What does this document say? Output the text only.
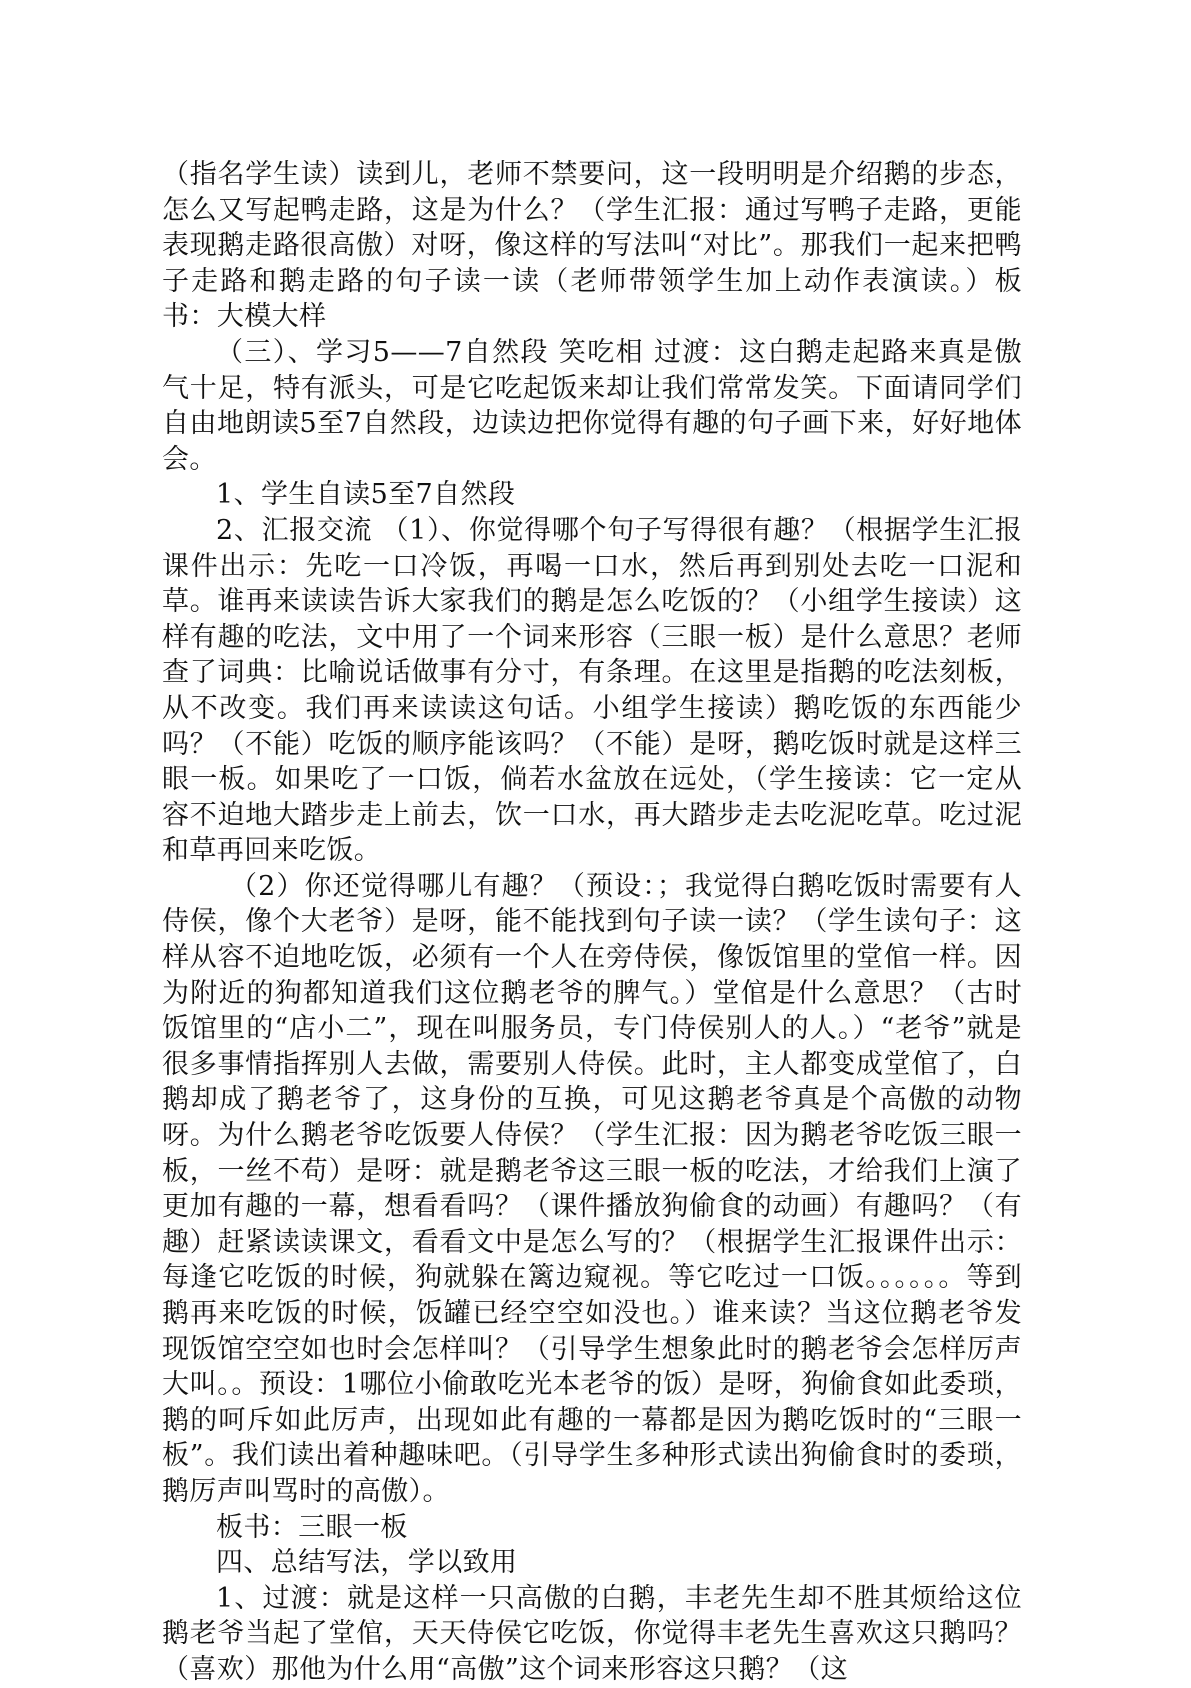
（指名学生读）读到儿，老师不禁要问，这一段明明是介绍鹅的步态，怎么又写起鸭走路，这是为什么？（学生汇报：通过写鸭子走路，更能表现鹅走路很高傲）对呀，像这样的写法叫“对比”。那我们一起来把鸭子走路和鹅走路的句子读一读（老师带领学生加上动作表演读。）板书：大模大样

（三）、学习5——7自然段 笑吃相 过渡：这白鹅走起路来真是傲气十足，特有派头，可是它吃起饭来却让我们常常发笑。下面请同学们自由地朗读5至7自然段，边读边把你觉得有趣的句子画下来，好好地体会。

1、学生自读5至7自然段

2、汇报交流 （1）、你觉得哪个句子写得很有趣？（根据学生汇报课件出示：先吃一口冷饭，再喝一口水，然后再到别处去吃一口泥和草。谁再来读读告诉大家我们的鹅是怎么吃饭的？（小组学生接读）这样有趣的吃法，文中用了一个词来形容（三眼一板）是什么意思？老师查了词典：比喻说话做事有分寸，有条理。在这里是指鹅的吃法刻板，从不改变。我们再来读读这句话。小组学生接读）鹅吃饭的东西能少吗？（不能）吃饭的顺序能该吗？（不能）是呀，鹅吃饭时就是这样三眼一板。如果吃了一口饭，倘若水盆放在远处，（学生接读：它一定从容不迫地大踏步走上前去，饮一口水，再大踏步走去吃泥吃草。吃过泥和草再回来吃饭。

（2）你还觉得哪儿有趣？（预设：；我觉得白鹅吃饭时需要有人侍侯，像个大老爷）是呀，能不能找到句子读一读？（学生读句子：这样从容不迫地吃饭，必须有一个人在旁侍侯，像饭馆里的堂倌一样。因为附近的狗都知道我们这位鹅老爷的脾气。）堂倌是什么意思？（古时饭馆里的“店小二”，现在叫服务员，专门侍侯别人的人。）“老爷”就是很多事情指挥别人去做，需要别人侍侯。此时，主人都变成堂倌了，白鹅却成了鹅老爷了，这身份的互换，可见这鹅老爷真是个高傲的动物呀。为什么鹅老爷吃饭要人侍侯？（学生汇报：因为鹅老爷吃饭三眼一板，一丝不苟）是呀：就是鹅老爷这三眼一板的吃法，才给我们上演了更加有趣的一幕，想看看吗？（课件播放狗偷食的动画）有趣吗？（有趣）赶紧读读课文，看看文中是怎么写的？（根据学生汇报课件出示：每逢它吃饭的时候，狗就躲在篱边窥视。等它吃过一口饭。。。。。。等到鹅再来吃饭的时候，饭罐已经空空如没也。）谁来读？当这位鹅老爷发现饭馆空空如也时会怎样叫？（引导学生想象此时的鹅老爷会怎样厉声大叫。。预设：1哪位小偷敢吃光本老爷的饭）是呀，狗偷食如此委琐，鹅的呵斥如此厉声，出现如此有趣的一幕都是因为鹅吃饭时的“三眼一板”。我们读出着种趣味吧。（引导学生多种形式读出狗偷食时的委琐，鹅厉声叫骂时的高傲）。

板书：三眼一板

四、总结写法，学以致用

1、过渡：就是这样一只高傲的白鹅，丰老先生却不胜其烦给这位鹅老爷当起了堂倌，天天侍侯它吃饭，你觉得丰老先生喜欢这只鹅吗？（喜欢）那他为什么用“高傲”这个词来形容这只鹅？（这
